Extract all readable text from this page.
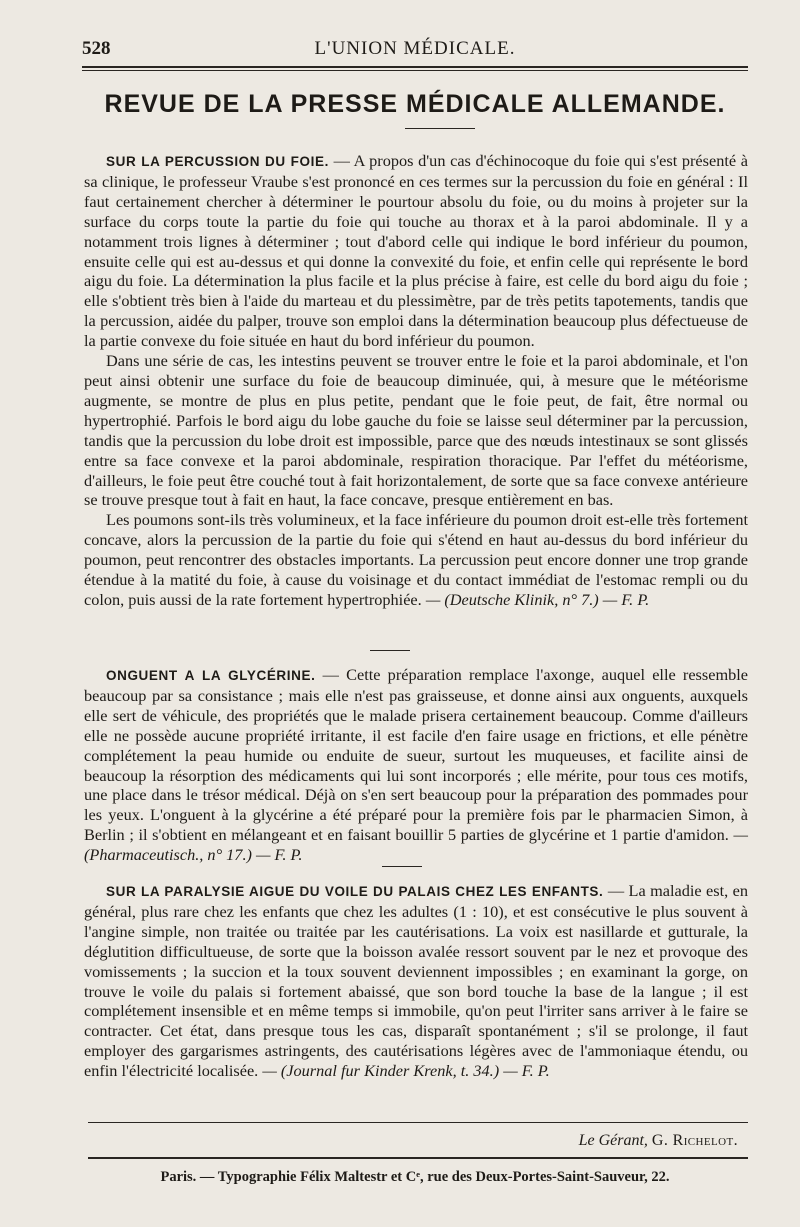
528	L'UNION MÉDICALE.
REVUE DE LA PRESSE MÉDICALE ALLEMANDE.

SUR LA PERCUSSION DU FOIE. — A propos d'un cas d'échinocoque du foie qui s'est présenté à sa clinique, le professeur Vraube s'est prononcé en ces termes sur la percussion du foie en général : Il faut certainement chercher à déterminer le pourtour absolu du foie, ou du moins à projeter sur la surface du corps toute la partie du foie qui touche au thorax et à la paroi abdominale. Il y a notamment trois lignes à déterminer ; tout d'abord celle qui indique le bord inférieur du poumon, ensuite celle qui est au-dessus et qui donne la convexité du foie, et enfin celle qui représente le bord aigu du foie. La détermination la plus facile et la plus précise à faire, est celle du bord aigu du foie ; elle s'obtient très bien à l'aide du marteau et du plessimètre, par de très petits tapotements, tandis que la percussion, aidée du palper, trouve son emploi dans la détermination beaucoup plus défectueuse de la partie convexe du foie située en haut du bord inférieur du poumon.

Dans une série de cas, les intestins peuvent se trouver entre le foie et la paroi abdominale, et l'on peut ainsi obtenir une surface du foie de beaucoup diminuée, qui, à mesure que le météorisme augmente, se montre de plus en plus petite, pendant que le foie peut, de fait, être normal ou hypertrophié. Parfois le bord aigu du lobe gauche du foie se laisse seul déterminer par la percussion, tandis que la percussion du lobe droit est impossible, parce que des nœuds intestinaux se sont glissés entre sa face convexe et la paroi abdominale, respiration thoracique. Par l'effet du météorisme, d'ailleurs, le foie peut être couché tout à fait horizontalement, de sorte que sa face convexe antérieure se trouve presque tout à fait en haut, la face concave, presque entièrement en bas.

Les poumons sont-ils très volumineux, et la face inférieure du poumon droit est-elle très fortement concave, alors la percussion de la partie du foie qui s'étend en haut au-dessus du bord inférieur du poumon, peut rencontrer des obstacles importants. La percussion peut encore donner une trop grande étendue à la matité du foie, à cause du voisinage et du contact immédiat de l'estomac rempli ou du colon, puis aussi de la rate fortement hypertrophiée. — (Deutsche Klinik, n° 7.) — F. P.

ONGUENT A LA GLYCÉRINE. — Cette préparation remplace l'axonge, auquel elle ressemble beaucoup par sa consistance ; mais elle n'est pas graisseuse, et donne ainsi aux onguents, auxquels elle sert de véhicule, des propriétés que le malade prisera certainement beaucoup. Comme d'ailleurs elle ne possède aucune propriété irritante, il est facile d'en faire usage en frictions, et elle pénètre complétement la peau humide ou enduite de sueur, surtout les muqueuses, et facilite ainsi de beaucoup la résorption des médicaments qui lui sont incorporés ; elle mérite, pour tous ces motifs, une place dans le trésor médical. Déjà on s'en sert beaucoup pour la préparation des pommades pour les yeux. L'onguent à la glycérine a été préparé pour la première fois par le pharmacien Simon, à Berlin ; il s'obtient en mélangeant et en faisant bouillir 5 parties de glycérine et 1 partie d'amidon. — (Pharmaceutisch., n° 17.) — F. P.

SUR LA PARALYSIE AIGUE DU VOILE DU PALAIS CHEZ LES ENFANTS. — La maladie est, en général, plus rare chez les enfants que chez les adultes (1 : 10), et est consécutive le plus souvent à l'angine simple, non traitée ou traitée par les cautérisations. La voix est nasillarde et gutturale, la déglutition difficultueuse, de sorte que la boisson avalée ressort souvent par le nez et provoque des vomissements ; la succion et la toux souvent deviennent impossibles ; en examinant la gorge, on trouve le voile du palais si fortement abaissé, que son bord touche la base de la langue ; il est complétement insensible et en même temps si immobile, qu'on peut l'irriter sans arriver à le faire se contracter. Cet état, dans presque tous les cas, disparaît spontanément ; s'il se prolonge, il faut employer des gargarismes astringents, des cautérisations légères avec de l'ammoniaque étendu, ou enfin l'électricité localisée. — (Journal fur Kinder Krenk, t. 34.) — F. P.

Le Gérant, G. Richelot.
Paris. — Typographie Félix Maltestr et Cᵉ, rue des Deux-Portes-Saint-Sauveur, 22.
